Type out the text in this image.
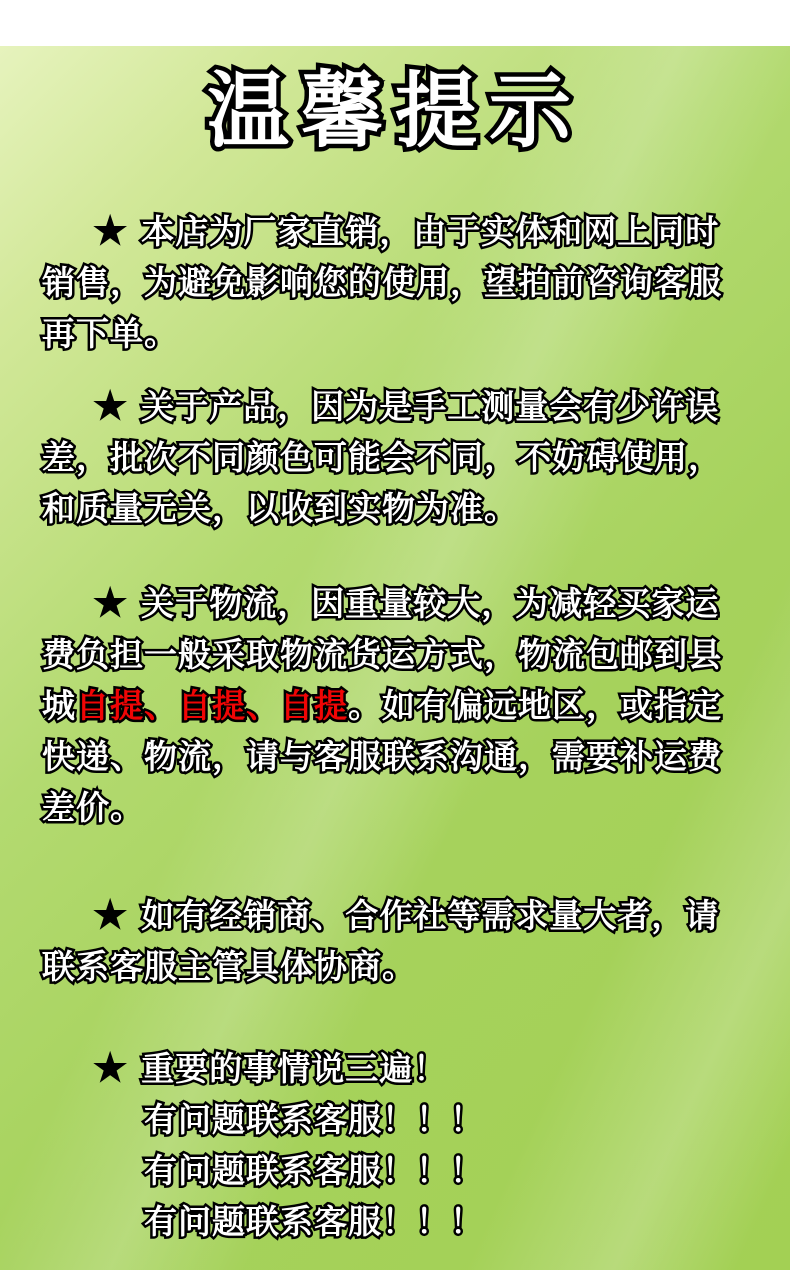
温馨提示

★ 本店为厂家直销，由于实体和网上同时销售，为避免影响您的使用，望拍前咨询客服再下单。

★ 关于产品，因为是手工测量会有少许误差，批次不同颜色可能会不同，不妨碍使用，和质量无关，以收到实物为准。

★ 关于物流，因重量较大，为减轻买家运费负担一般采取物流货运方式，物流包邮到县城自提、自提、自提。如有偏远地区，或指定快递、物流，请与客服联系沟通，需要补运费差价。

★ 如有经销商、合作社等需求量大者，请联系客服主管具体协商。

★ 重要的事情说三遍！
有问题联系客服！！！
有问题联系客服！！！
有问题联系客服！！！
